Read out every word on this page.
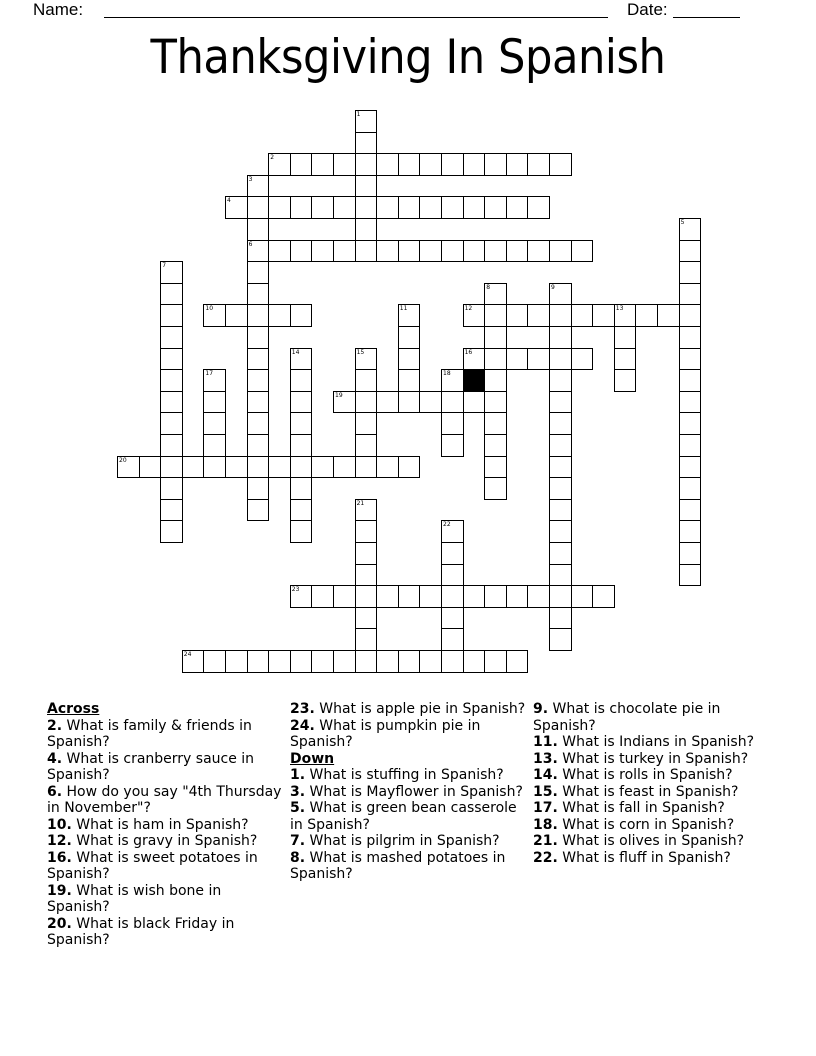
Name:	Date:
Thanksgiving In Spanish
1
2
3
6
4
5
7
8	9
10	11	12	13
14	15	16
17	18
19
20
21
22
23
24
Across

2. What is family & friends in Spanish?

4. What is cranberry sauce in Spanish?

6. How do you say "4th Thursday in November"?

10. What is ham in Spanish?

12. What is gravy in Spanish?

16. What is sweet potatoes in Spanish?

19. What is wish bone in Spanish?

20. What is black Friday in Spanish?

23. What is apple pie in Spanish?

24. What is pumpkin pie in Spanish?

Down

1. What is stuffing in Spanish?

3. What is Mayflower in Spanish?

5. What is green bean casserole in Spanish?

7. What is pilgrim in Spanish?

8. What is mashed potatoes in Spanish?

9. What is chocolate pie in Spanish?

11. What is Indians in Spanish?

13. What is turkey in Spanish?

14. What is rolls in Spanish?

15. What is feast in Spanish?

17. What is fall in Spanish?

18. What is corn in Spanish?

21. What is olives in Spanish?

22. What is fluff in Spanish?
